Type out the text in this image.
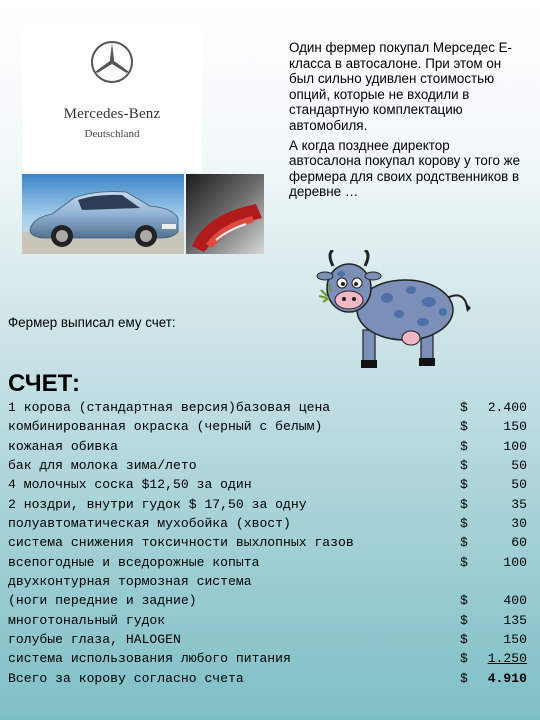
Mercedes-Benz
Deutschland

Один фермер покупал Мерседес Е-класса в автосалоне. При этом он был сильно удивлен стоимостью опций, которые не входили в стандартную комплектацию автомобиля.

А когда позднее директор автосалона покупал корову у того же фермера для своих родственников в деревне …

Фермер выписал ему счет:
СЧЕТ:
1 корова (стандартная версия)базовая цена	$ 2.400
комбинированная окраска (черный с белым)	$	150
кожаная обивка	$	100
бак для молока зима/лето	$	50
4 молочных соска $12,50 за один	$	50
2 ноздри, внутри гудок $ 17,50 за одну	$	35
полуавтоматическая мухобойка (хвост)	$	30
система снижения токсичности выхлопных газов	$	60
всепогодные и вседорожные копыта	$	100
двухконтурная тормозная система
(ноги передние и задние)	$	400
многотональный гудок	$	135
голубые глаза, HALOGEN	$	150
система использования любого питания	$ 1.250
Всего за корову согласно счета	$ 4.910
